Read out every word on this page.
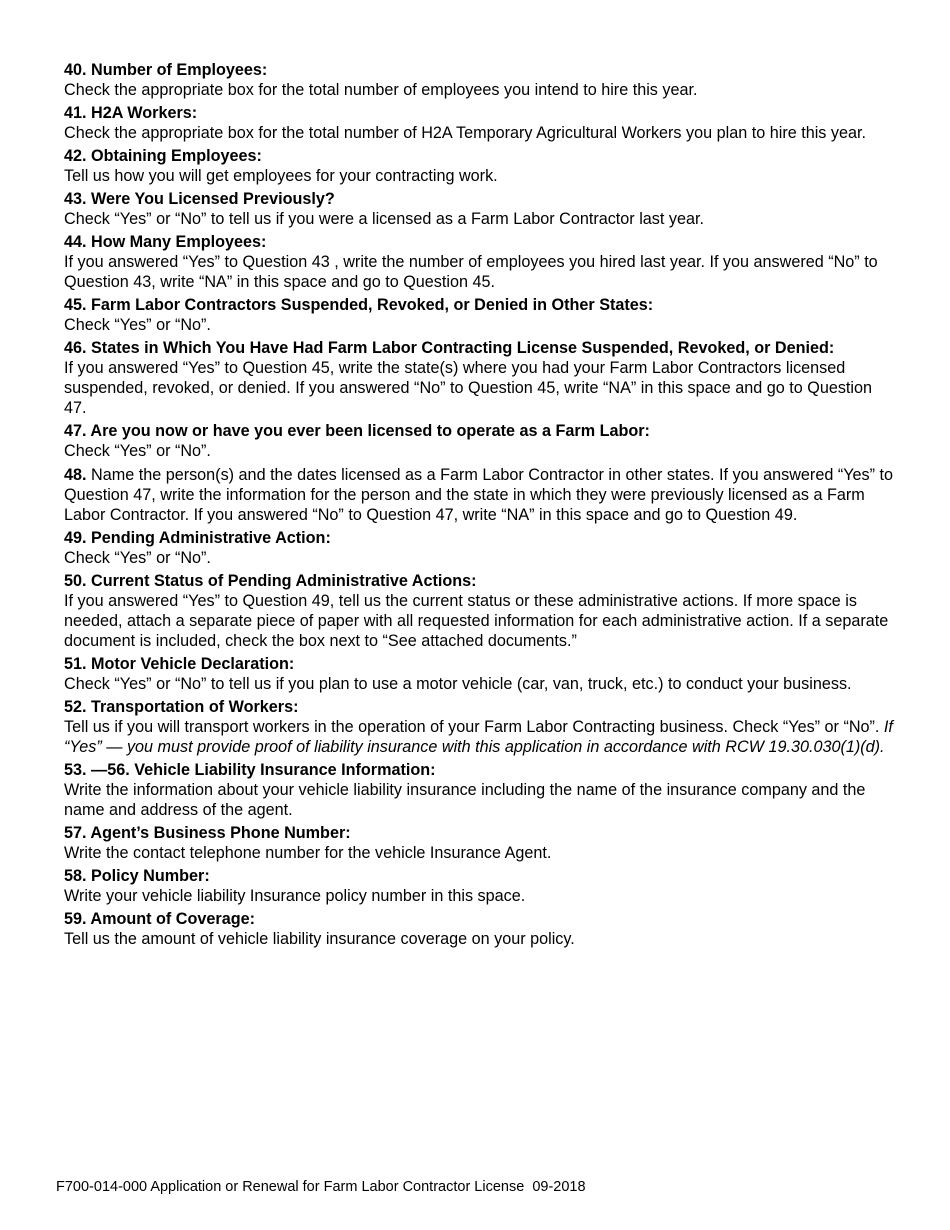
40. Number of Employees:

Check the appropriate box for the total number of employees you intend to hire this year.

41. H2A Workers:

Check the appropriate box for the total number of H2A Temporary Agricultural Workers you plan to hire this year.

42. Obtaining Employees:

Tell us how you will get employees for your contracting work.

43. Were You Licensed Previously?

Check “Yes” or “No” to tell us if you were a licensed as a Farm Labor Contractor last year.

44. How Many Employees:

If you answered “Yes” to Question 43 , write the number of employees you hired last year. If you answered “No” to Question 43, write “NA” in this space and go to Question 45.

45. Farm Labor Contractors Suspended, Revoked, or Denied in Other States:

Check “Yes” or “No”.

46. States in Which You Have Had Farm Labor Contracting License Suspended, Revoked, or Denied:

If you answered “Yes” to Question 45, write the state(s) where you had your Farm Labor Contractors licensed suspended, revoked, or denied. If you answered “No” to Question 45, write “NA” in this space and go to Question 47.

47. Are you now or have you ever been licensed to operate as a Farm Labor:

Check “Yes” or “No”.

48. Name the person(s) and the dates licensed as a Farm Labor Contractor in other states. If you answered “Yes” to Question 47, write the information for the person and the state in which they were previously licensed as a Farm Labor Contractor. If you answered “No” to Question 47, write “NA” in this space and go to Question 49.

49. Pending Administrative Action:

Check “Yes” or “No”.

50. Current Status of Pending Administrative Actions:

If you answered “Yes” to Question 49, tell us the current status or these administrative actions. If more space is needed, attach a separate piece of paper with all requested information for each administrative action. If a separate document is included, check the box next to “See attached documents.”

51. Motor Vehicle Declaration:

Check “Yes” or “No” to tell us if you plan to use a motor vehicle (car, van, truck, etc.) to conduct your business.

52. Transportation of Workers:

Tell us if you will transport workers in the operation of your Farm Labor Contracting business. Check “Yes” or “No”. If “Yes” — you must provide proof of liability insurance with this application in accordance with RCW 19.30.030(1)(d).

53. —56. Vehicle Liability Insurance Information:

Write the information about your vehicle liability insurance including the name of the insurance company and the name and address of the agent.

57. Agent’s Business Phone Number:

Write the contact telephone number for the vehicle Insurance Agent.

58. Policy Number:

Write your vehicle liability Insurance policy number in this space.

59. Amount of Coverage:

Tell us the amount of vehicle liability insurance coverage on your policy.

F700-014-000 Application or Renewal for Farm Labor Contractor License  09-2018
